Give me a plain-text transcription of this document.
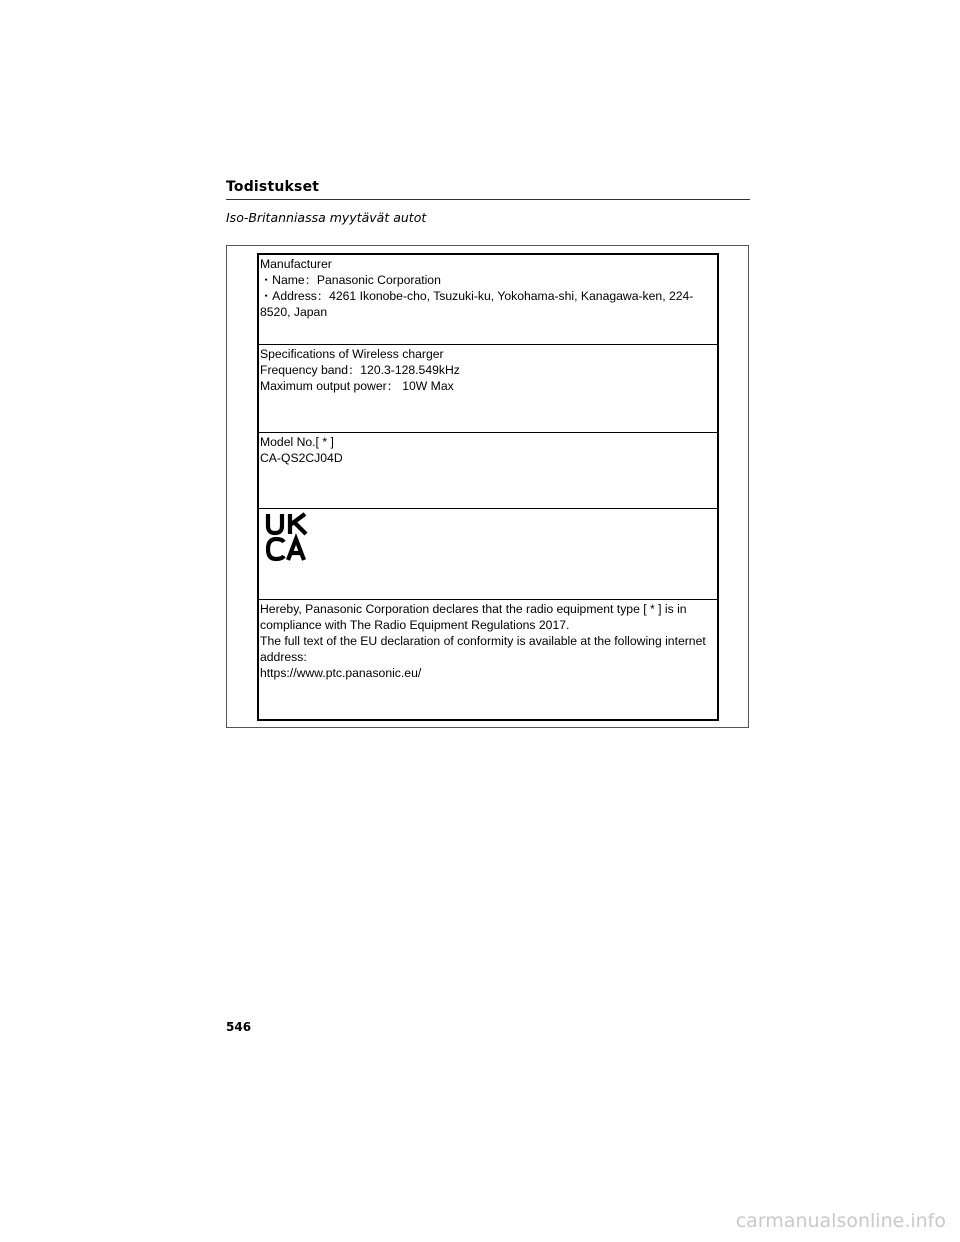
Todistukset
Iso-Britanniassa myytävät autot

Manufacturer

・Name：Panasonic Corporation

・Address：4261 Ikonobe-cho, Tsuzuki-ku, Yokohama-shi, Kanagawa-ken, 224-8520, Japan

Specifications of Wireless charger

Frequency band：120.3-128.549kHz

Maximum output power： 10W Max

Model No.[ * ]

CA-QS2CJ04D

Hereby, Panasonic Corporation declares that the radio equipment type [ * ] is in compliance with The Radio Equipment Regulations 2017.

The full text of the EU declaration of conformity is available at the following internet address:

https://www.ptc.panasonic.eu/

546
carmanualsonline.info
